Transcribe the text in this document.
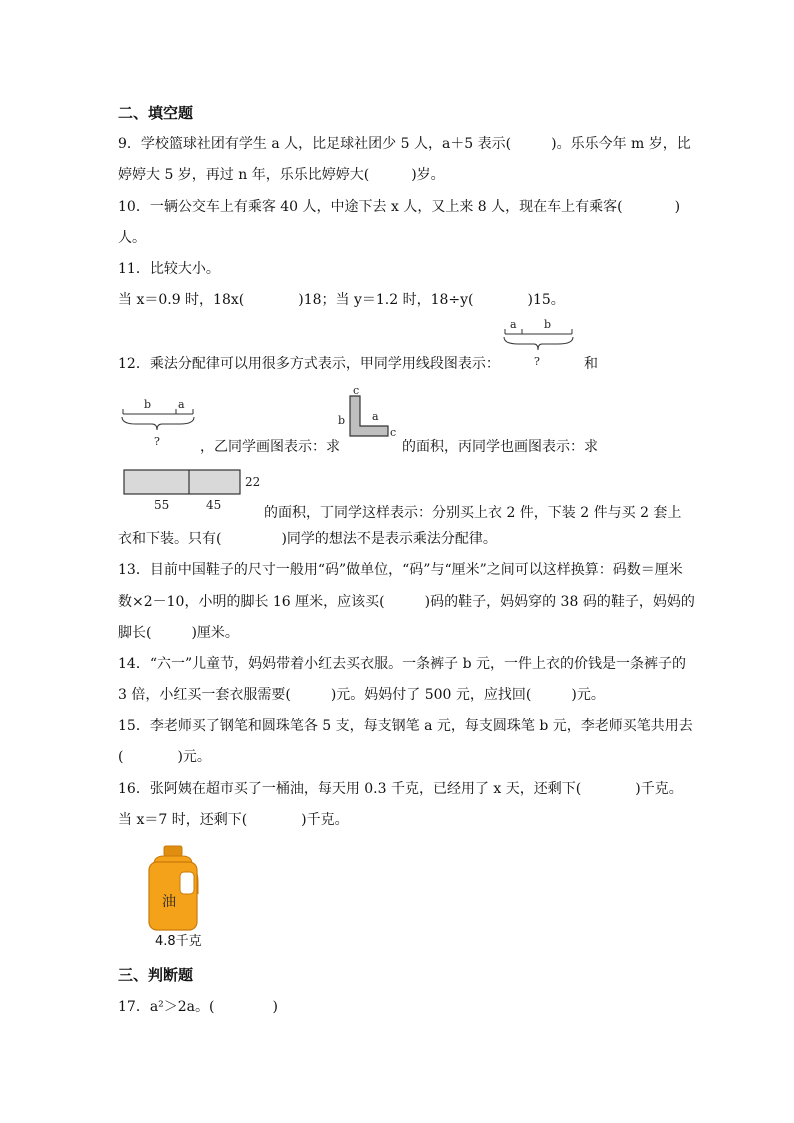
二、填空题
9．学校篮球社团有学生 a 人，比足球社团少 5 人，a＋5 表示(	)。乐乐今年 m 岁，比
婷婷大 5 岁，再过 n 年，乐乐比婷婷大(	)岁。
10．一辆公交车上有乘客 40 人，中途下去 x 人，又上来 8 人，现在车上有乘客(	)
人。
11．比较大小。
当 x＝0.9 时，18x(	)18；当 y＝1.2 时，18÷y(	)15。
12．乘法分配律可以用很多方式表示，甲同学用线段图表示：
a b
?	和
b a
?	，乙同学画图表示：求
c
b a
c
的面积，丙同学也画图表示：求
55	45
22
的面积，丁同学这样表示：分别买上衣 2 件，下装 2 件与买 2 套上
衣和下装。只有(	)同学的想法不是表示乘法分配律。
13．目前中国鞋子的尺寸一般用“码”做单位，“码”与“厘米”之间可以这样换算：码数＝厘米
数×2－10，小明的脚长 16 厘米，应该买(	)码的鞋子，妈妈穿的 38 码的鞋子，妈妈的
脚长(	)厘米。
14．“六一”儿童节，妈妈带着小红去买衣服。一条裤子 b 元，一件上衣的价钱是一条裤子的
3 倍，小红买一套衣服需要(	)元。妈妈付了 500 元，应找回(	)元。
15．李老师买了钢笔和圆珠笔各 5 支，每支钢笔 a 元，每支圆珠笔 b 元，李老师买笔共用去
(	)元。
16．张阿姨在超市买了一桶油，每天用 0.3 千克，已经用了 x 天，还剩下(	)千克。
当 x＝7 时，还剩下(	)千克。
油
4.8千克
三、判断题
17．a²＞2a。(	)
